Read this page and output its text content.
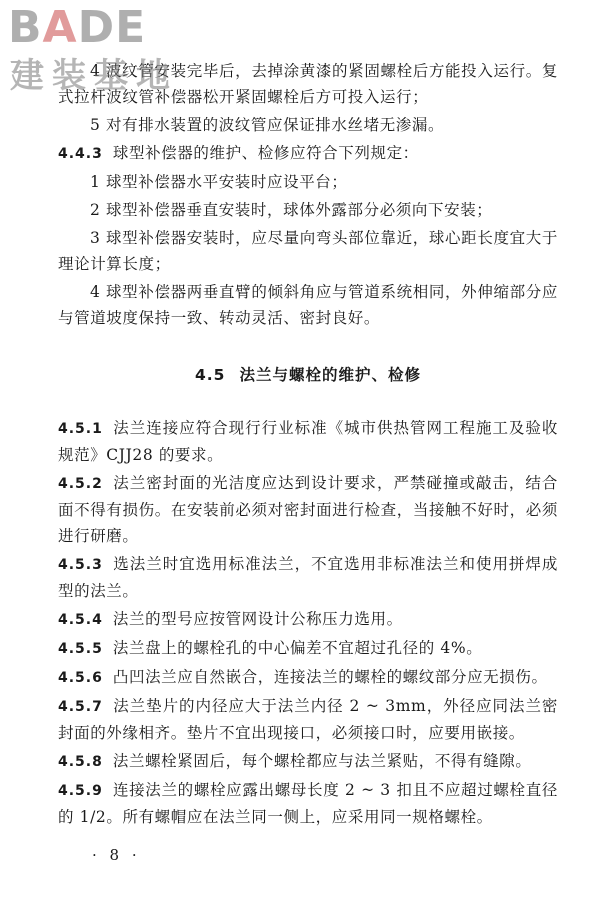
BADE
建装基地

4 波纹管安装完毕后，去掉涂黄漆的紧固螺栓后方能投入运行。复式拉杆波纹管补偿器松开紧固螺栓后方可投入运行；

5 对有排水装置的波纹管应保证排水丝堵无渗漏。

4.4.3 球型补偿器的维护、检修应符合下列规定：

1 球型补偿器水平安装时应设平台；

2 球型补偿器垂直安装时，球体外露部分必须向下安装；

3 球型补偿器安装时，应尽量向弯头部位靠近，球心距长度宜大于理论计算长度；

4 球型补偿器两垂直臂的倾斜角应与管道系统相同，外伸缩部分应与管道坡度保持一致、转动灵活、密封良好。

4.5 法兰与螺栓的维护、检修

4.5.1 法兰连接应符合现行行业标准《城市供热管网工程施工及验收规范》CJJ28 的要求。

4.5.2 法兰密封面的光洁度应达到设计要求，严禁碰撞或敲击，结合面不得有损伤。在安装前必须对密封面进行检查，当接触不好时，必须进行研磨。

4.5.3 选法兰时宜选用标准法兰，不宜选用非标准法兰和使用拼焊成型的法兰。

4.5.4 法兰的型号应按管网设计公称压力选用。

4.5.5 法兰盘上的螺栓孔的中心偏差不宜超过孔径的 4%。

4.5.6 凸凹法兰应自然嵌合，连接法兰的螺栓的螺纹部分应无损伤。

4.5.7 法兰垫片的内径应大于法兰内径 2 ~ 3mm，外径应同法兰密封面的外缘相齐。垫片不宜出现接口，必须接口时，应要用嵌接。

4.5.8 法兰螺栓紧固后，每个螺栓都应与法兰紧贴，不得有缝隙。

4.5.9 连接法兰的螺栓应露出螺母长度 2 ~ 3 扣且不应超过螺栓直径的 1/2。所有螺帽应在法兰同一侧上，应采用同一规格螺栓。

· 8 ·
